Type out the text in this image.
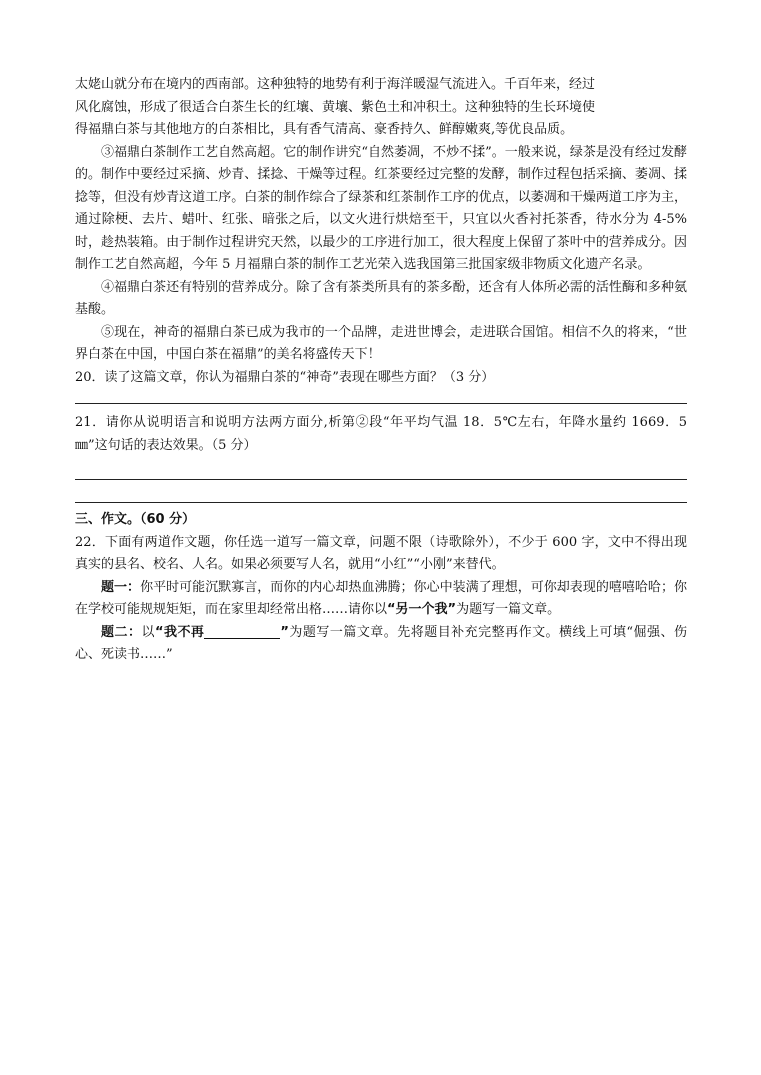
太姥山就分布在境内的西南部。这种独特的地势有利于海洋暖湿气流进入。千百年来，经过

风化腐蚀，形成了很适合白茶生长的红壤、黄壤、紫色土和冲积土。这种独特的生长环境使

得福鼎白茶与其他地方的白茶相比，具有香气清高、豪香持久、鲜醇嫩爽,等优良品质。

③福鼎白茶制作工艺自然高超。它的制作讲究“自然萎凋，不炒不揉”。一般来说，绿茶是没有经过发酵的。制作中要经过采摘、炒青、揉捻、干燥等过程。红茶要经过完整的发酵，制作过程包括采摘、萎凋、揉捻等，但没有炒青这道工序。白茶的制作综合了绿茶和红茶制作工序的优点，以萎凋和干燥两道工序为主，通过除梗、去片、蜡叶、红张、暗张之后，以文火进行烘焙至干，只宜以火香衬托茶香，待水分为 4-5%时，趁热装箱。由于制作过程讲究天然，以最少的工序进行加工，很大程度上保留了茶叶中的营养成分。因制作工艺自然高超，今年 5 月福鼎白茶的制作工艺光荣入选我国第三批国家级非物质文化遗产名录。

④福鼎白茶还有特别的营养成分。除了含有茶类所具有的茶多酚，还含有人体所必需的活性酶和多种氨基酸。

⑤现在，神奇的福鼎白茶已成为我市的一个品牌，走进世博会，走进联合国馆。相信不久的将来，“世界白茶在中国，中国白茶在福鼎”的美名将盛传天下！

20．读了这篇文章，你认为福鼎白茶的“神奇”表现在哪些方面？（3 分）

21．请你从说明语言和说明方法两方面分,析第②段“年平均气温 18．5℃左右，年降水量约 1669．5㎜”这句话的表达效果。（5 分）

三、作文。（60 分）

22．下面有两道作文题，你任选一道写一篇文章，问题不限（诗歌除外），不少于 600 字，文中不得出现真实的县名、校名、人名。如果必须要写人名，就用“小红”“小刚”来替代。

题一：你平时可能沉默寡言，而你的内心却热血沸腾；你心中装满了理想，可你却表现的嘻嘻哈哈；你在学校可能规规矩矩，而在家里却经常出格……请你以“另一个我”为题写一篇文章。

题二：以“我不再	”为题写一篇文章。先将题目补充完整再作文。横线上可填“倔强、伤心、死读书……”
